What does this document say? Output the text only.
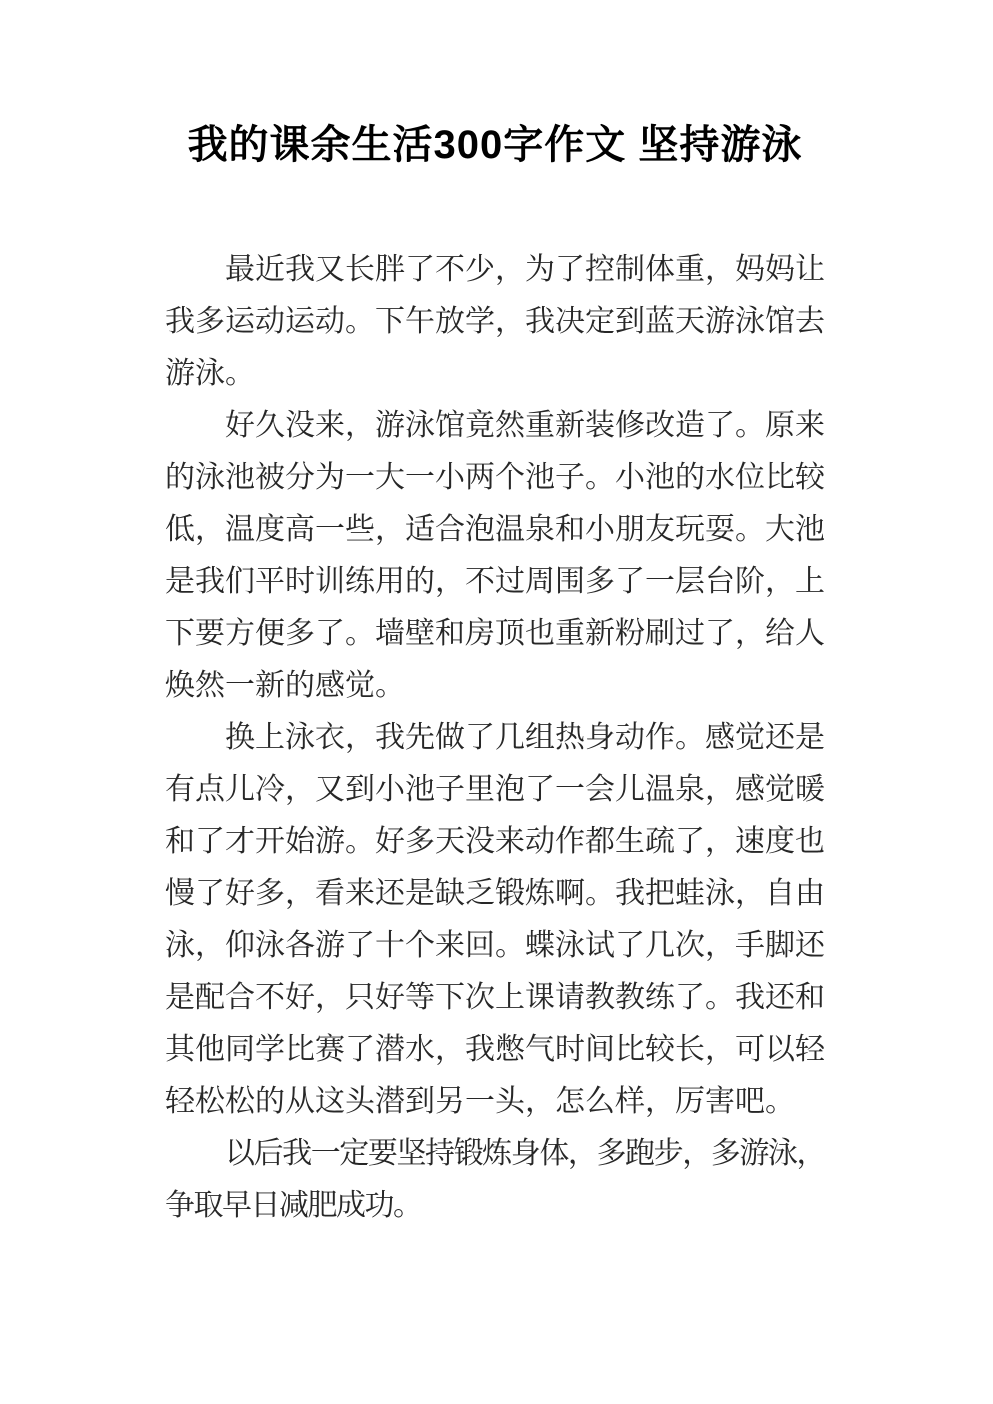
我的课余生活300字作文 坚持游泳

最近我又长胖了不少，为了控制体重，妈妈让我多运动运动。下午放学，我决定到蓝天游泳馆去游泳。

好久没来，游泳馆竟然重新装修改造了。原来的泳池被分为一大一小两个池子。小池的水位比较低，温度高一些，适合泡温泉和小朋友玩耍。大池是我们平时训练用的，不过周围多了一层台阶，上下要方便多了。墙壁和房顶也重新粉刷过了，给人焕然一新的感觉。

换上泳衣，我先做了几组热身动作。感觉还是有点儿冷，又到小池子里泡了一会儿温泉，感觉暖和了才开始游。好多天没来动作都生疏了，速度也慢了好多，看来还是缺乏锻炼啊。我把蛙泳，自由泳，仰泳各游了十个来回。蝶泳试了几次，手脚还是配合不好，只好等下次上课请教教练了。我还和其他同学比赛了潜水，我憋气时间比较长，可以轻轻松松的从这头潜到另一头，怎么样，厉害吧。

以后我一定要坚持锻炼身体，多跑步，多游泳，争取早日减肥成功。
